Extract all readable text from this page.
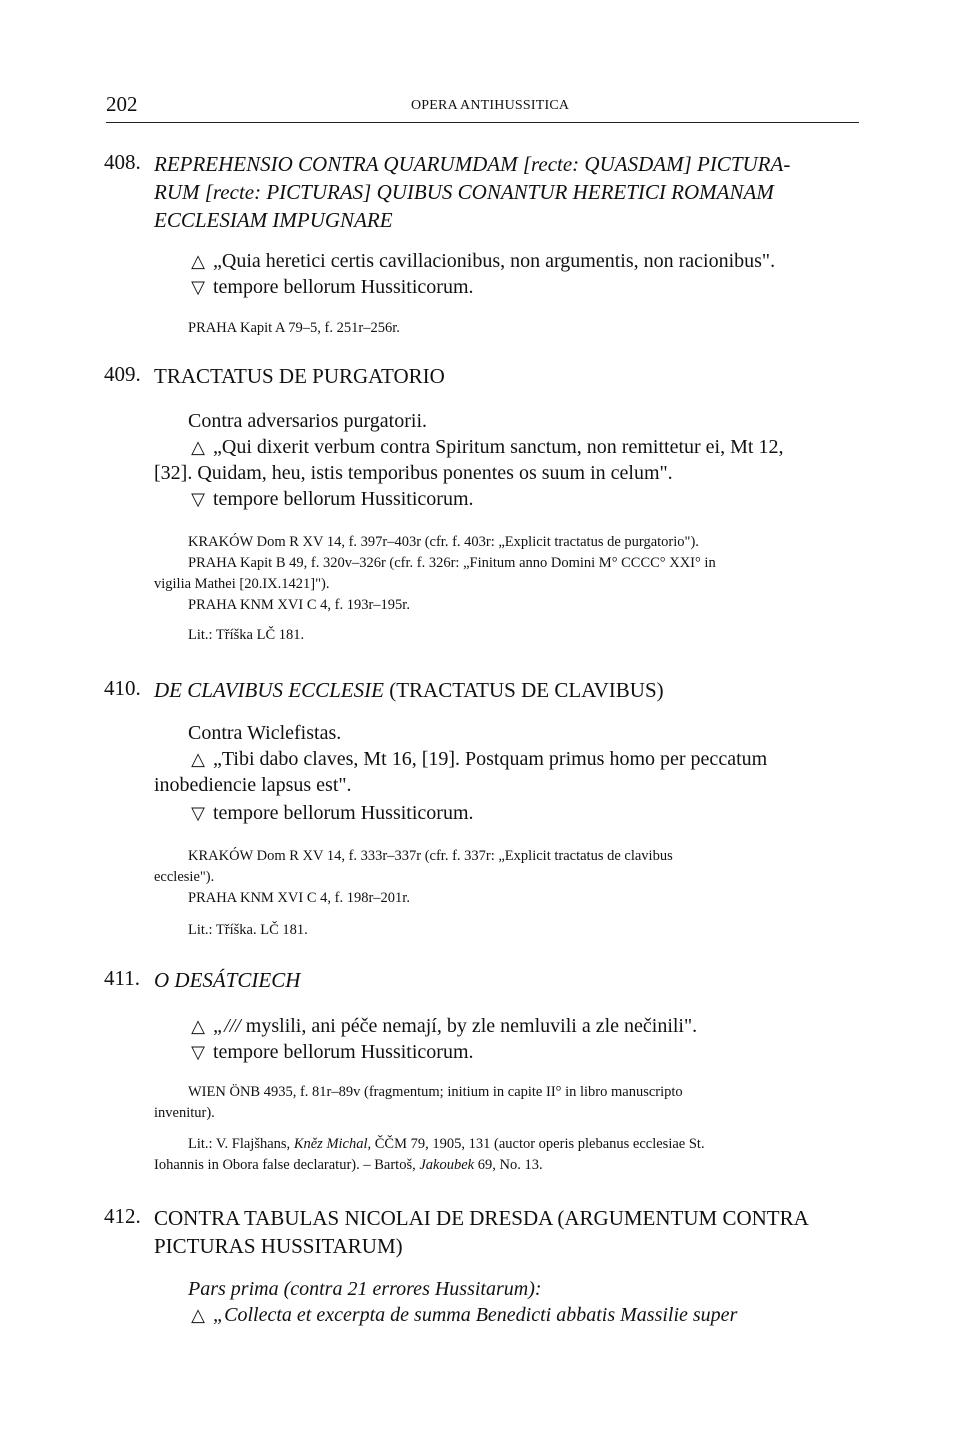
202	OPERA ANTIHUSSITICA
408. REPREHENSIO CONTRA QUARUMDAM [recte: QUASDAM] PICTURA-
RUM [recte: PICTURAS] QUIBUS CONANTUR HERETICI ROMANAM
ECCLESIAM IMPUGNARE
△ „Quia heretici certis cavillacionibus, non argumentis, non racionibus".
▽ tempore bellorum Hussiticorum.
PRAHA Kapit A 79–5, f. 251r–256r.
409. TRACTATUS DE PURGATORIO
Contra adversarios purgatorii.
△ „Qui dixerit verbum contra Spiritum sanctum, non remittetur ei, Mt 12,
[32]. Quidam, heu, istis temporibus ponentes os suum in celum".
▽ tempore bellorum Hussiticorum.
KRAKÓW Dom R XV 14, f. 397r–403r (cfr. f. 403r: „Explicit tractatus de purgatorio").
PRAHA Kapit B 49, f. 320v–326r (cfr. f. 326r: „Finitum anno Domini M° CCCC° XXI° in
vigilia Mathei [20.IX.1421]").
PRAHA KNM XVI C 4, f. 193r–195r.
Lit.: Tříška LČ 181.
410. DE CLAVIBUS ECCLESIE (TRACTATUS DE CLAVIBUS)
Contra Wiclefistas.
△ „Tibi dabo claves, Mt 16, [19]. Postquam primus homo per peccatum
inobediencie lapsus est".
▽ tempore bellorum Hussiticorum.
KRAKÓW Dom R XV 14, f. 333r–337r (cfr. f. 337r: „Explicit tractatus de clavibus
ecclesie").
PRAHA KNM XVI C 4, f. 198r–201r.
Lit.: Tříška. LČ 181.
411. O DESÁTCIECH
△ „/// myslili, ani péče nemají, by zle nemluvili a zle nečinili".
▽ tempore bellorum Hussiticorum.
WIEN ÖNB 4935, f. 81r–89v (fragmentum; initium in capite II° in libro manuscripto
invenitur).
Lit.: V. Flajšhans, Kněz Michal, ČČM 79, 1905, 131 (auctor operis plebanus ecclesiae St.
Iohannis in Obora false declaratur). – Bartoš, Jakoubek 69, No. 13.
412. CONTRA TABULAS NICOLAI DE DRESDA (ARGUMENTUM CONTRA
PICTURAS HUSSITARUM)
Pars prima (contra 21 errores Hussitarum):
△ „Collecta et excerpta de summa Benedicti abbatis Massilie super
